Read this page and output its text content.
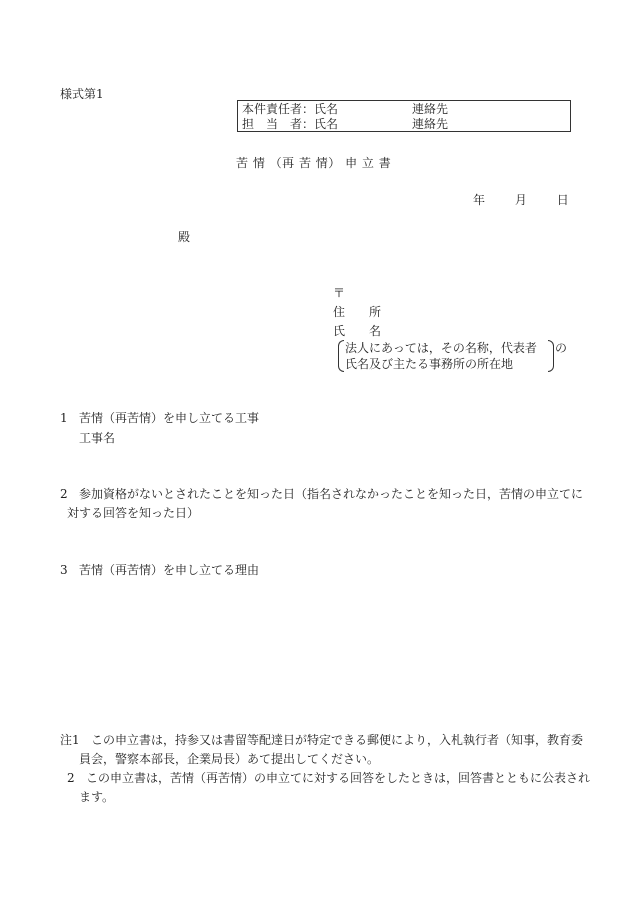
様式第1
本件責任者：氏名	連絡先
担　当　者：氏名	連絡先
苦 情 （再 苦 情） 申 立 書
年 月 日
殿
〒
住　　所
氏　　名
法人にあっては，その名称，代表者 の
氏名及び主たる事務所の所在地
1 苦情（再苦情）を申し立てる工事
工事名
2 参加資格がないとされたことを知った日（指名されなかったことを知った日，苦情の申立てに
対する回答を知った日）
3 苦情（再苦情）を申し立てる理由
注1 この申立書は，持参又は書留等配達日が特定できる郵便により，入札執行者（知事，教育委
員会，警察本部長，企業局長）あて提出してください。
2 この申立書は，苦情（再苦情）の申立てに対する回答をしたときは，回答書とともに公表され
ます。
